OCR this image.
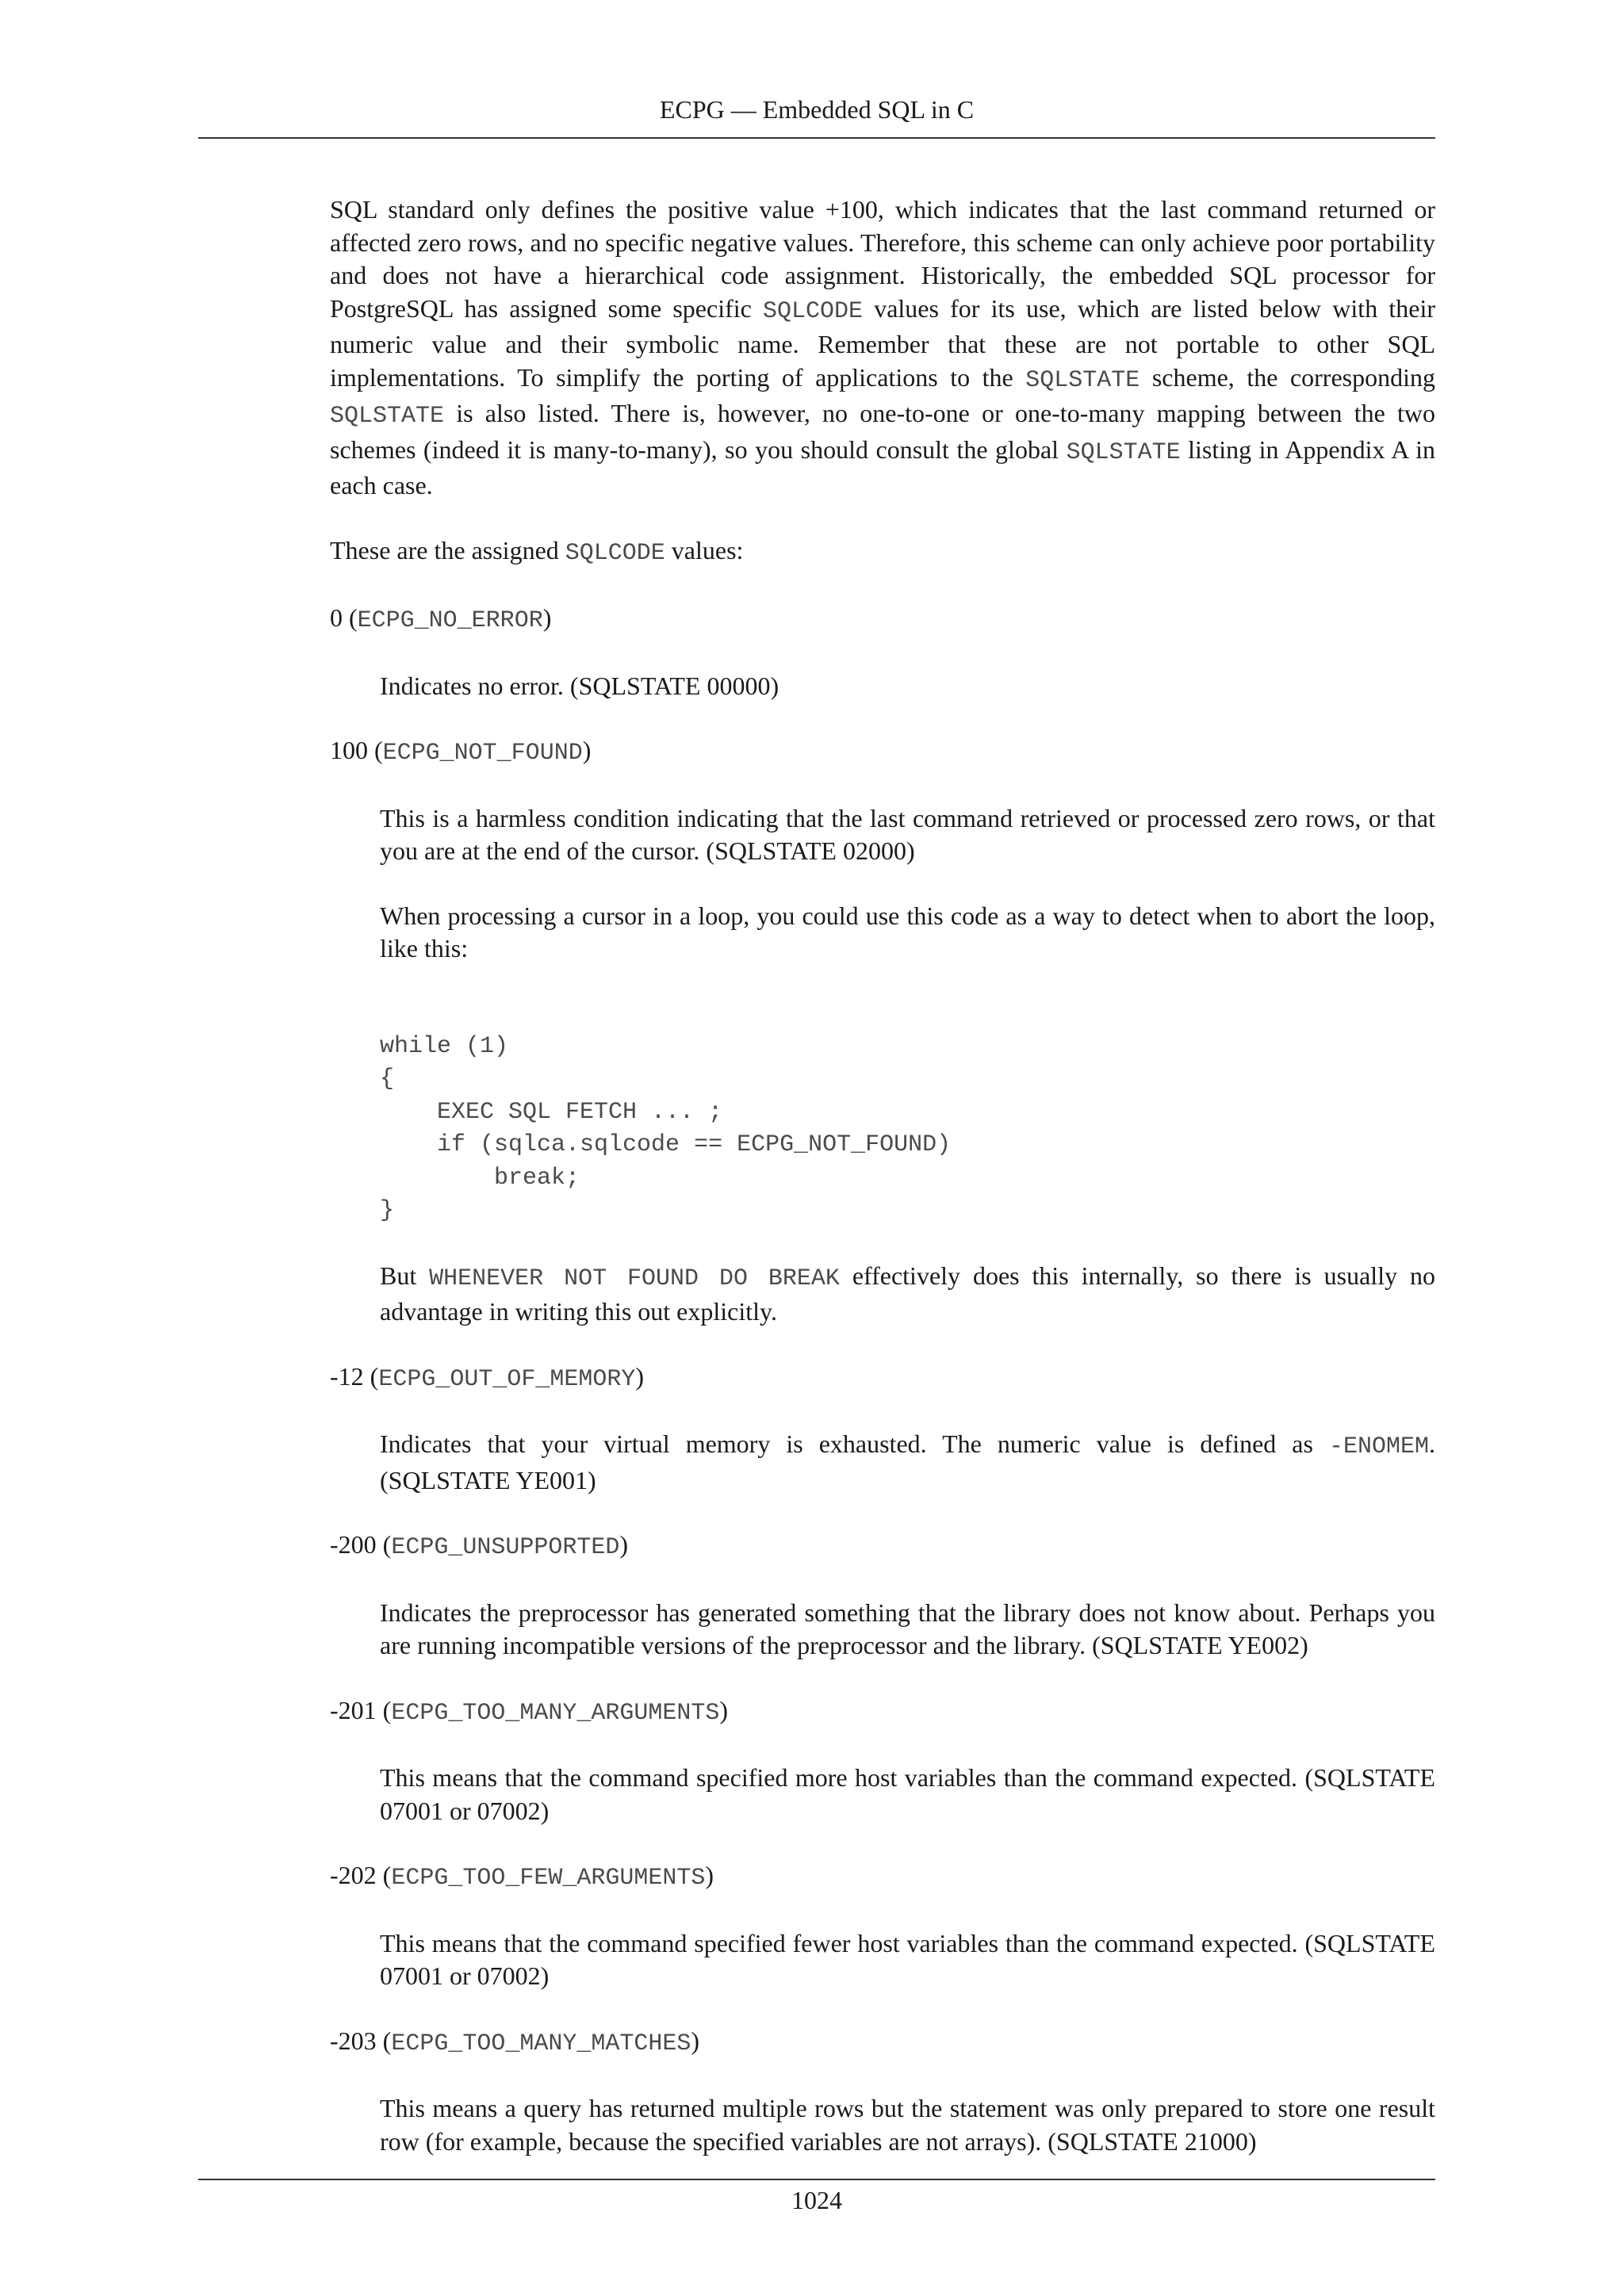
ECPG — Embedded SQL in C

SQL standard only defines the positive value +100, which indicates that the last command returned or affected zero rows, and no specific negative values. Therefore, this scheme can only achieve poor portability and does not have a hierarchical code assignment. Historically, the embedded SQL processor for PostgreSQL has assigned some specific SQLCODE values for its use, which are listed below with their numeric value and their symbolic name. Remember that these are not portable to other SQL implementations. To simplify the porting of applications to the SQLSTATE scheme, the corresponding SQLSTATE is also listed. There is, however, no one-to-one or one-to-many mapping between the two schemes (indeed it is many-to-many), so you should consult the global SQLSTATE listing in Appendix A in each case.

These are the assigned SQLCODE values:

0 (ECPG_NO_ERROR)

Indicates no error. (SQLSTATE 00000)

100 (ECPG_NOT_FOUND)

This is a harmless condition indicating that the last command retrieved or processed zero rows, or that you are at the end of the cursor. (SQLSTATE 02000)

When processing a cursor in a loop, you could use this code as a way to detect when to abort the loop, like this:

while (1)
{
EXEC SQL FETCH ... ;
if (sqlca.sqlcode == ECPG_NOT_FOUND)
break;
}

But WHENEVER NOT FOUND DO BREAK effectively does this internally, so there is usually no advantage in writing this out explicitly.

-12 (ECPG_OUT_OF_MEMORY)

Indicates that your virtual memory is exhausted. The numeric value is defined as -ENOMEM. (SQLSTATE YE001)

-200 (ECPG_UNSUPPORTED)

Indicates the preprocessor has generated something that the library does not know about. Perhaps you are running incompatible versions of the preprocessor and the library. (SQLSTATE YE002)

-201 (ECPG_TOO_MANY_ARGUMENTS)

This means that the command specified more host variables than the command expected. (SQLSTATE 07001 or 07002)

-202 (ECPG_TOO_FEW_ARGUMENTS)

This means that the command specified fewer host variables than the command expected. (SQLSTATE 07001 or 07002)

-203 (ECPG_TOO_MANY_MATCHES)

This means a query has returned multiple rows but the statement was only prepared to store one result row (for example, because the specified variables are not arrays). (SQLSTATE 21000)

1024
